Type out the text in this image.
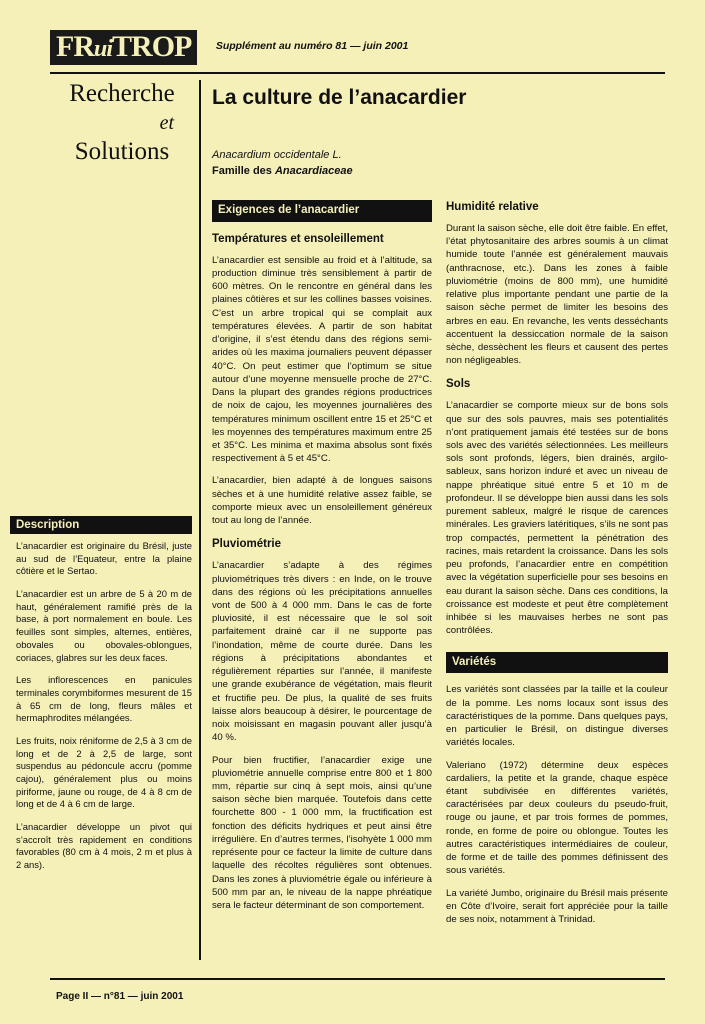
FRuiTROP Supplément au numéro 81 — juin 2001
Recherche
et
Solutions
La culture de l’anacardier
Anacardium occidentale L.
Famille des Anacardiaceae
Description

L’anacardier est originaire du Brésil, juste au sud de l’Equateur, entre la plaine côtière et le Sertao.

L’anacardier est un arbre de 5 à 20 m de haut, généralement ramifié près de la base, à port normalement en boule. Les feuilles sont simples, alternes, entières, obovales ou obovales-oblongues, coriaces, glabres sur les deux faces.

Les inflorescences en panicules terminales corymbiformes mesurent de 15 à 65 cm de long, fleurs mâles et hermaphrodites mélangées.

Les fruits, noix réniforme de 2,5 à 3 cm de long et de 2 à 2,5 de large, sont suspendus au pédoncule accru (pomme cajou), généralement plus ou moins piriforme, jaune ou rouge, de 4 à 8 cm de long et de 4 à 6 cm de large.

L’anacardier développe un pivot qui s’accroît très rapidement en conditions favorables (80 cm à 4 mois, 2 m et plus à 2 ans).

Exigences de l’anacardier
Températures et ensoleillement

L’anacardier est sensible au froid et à l’altitude, sa production diminue très sensiblement à partir de 600 mètres. On le rencontre en général dans les plaines côtières et sur les collines basses voisines. C’est un arbre tropical qui se complait aux températures élevées. A partir de son habitat d’origine, il s’est étendu dans des régions semi-arides où les maxima journaliers peuvent dépasser 40°C. On peut estimer que l’optimum se situe autour d’une moyenne mensuelle proche de 27°C. Dans la plupart des grandes régions productrices de noix de cajou, les moyennes journalières des températures minimum oscillent entre 15 et 25°C et les moyennes des températures maximum entre 25 et 35°C. Les minima et maxima absolus sont fixés respectivement à 5 et 45°C.

L’anacardier, bien adapté à de longues saisons sèches et à une humidité relative assez faible, se comporte mieux avec un ensoleillement généreux tout au long de l’année.

Pluviométrie

L’anacardier s’adapte à des régimes pluviométriques très divers : en Inde, on le trouve dans des régions où les précipitations annuelles vont de 500 à 4 000 mm. Dans le cas de forte pluviosité, il est nécessaire que le sol soit parfaitement drainé car il ne supporte pas l’inondation, même de courte durée. Dans les régions à précipitations abondantes et régulièrement réparties sur l’année, il manifeste une grande exubérance de végétation, mais fleurit et fructifie peu. De plus, la qualité de ses fruits laisse alors beaucoup à désirer, le pourcentage de noix moisissant en magasin pouvant aller jusqu’à 40 %.

Pour bien fructifier, l’anacardier exige une pluviométrie annuelle comprise entre 800 et 1 800 mm, répartie sur cinq à sept mois, ainsi qu’une saison sèche bien marquée. Toutefois dans cette fourchette 800 - 1 000 mm, la fructification est fonction des déficits hydriques et peut ainsi être irrégulière. En d’autres termes, l’isohyète 1 000 mm représente pour ce facteur la limite de culture dans laquelle des récoltes régulières sont obtenues. Dans les zones à pluviométrie égale ou inférieure à 500 mm par an, le niveau de la nappe phréatique sera le facteur déterminant de son comportement.

Humidité relative

Durant la saison sèche, elle doit être faible. En effet, l’état phytosanitaire des arbres soumis à un climat humide toute l’année est généralement mauvais (anthracnose, etc.). Dans les zones à faible pluviométrie (moins de 800 mm), une humidité relative plus importante pendant une partie de la saison sèche permet de limiter les besoins des arbres en eau. En revanche, les vents desséchants accentuent la dessiccation normale de la saison sèche, dessèchent les fleurs et causent des pertes non négligeables.

Sols

L’anacardier se comporte mieux sur de bons sols que sur des sols pauvres, mais ses potentialités n’ont pratiquement jamais été testées sur de bons sols avec des variétés sélectionnées. Les meilleurs sols sont profonds, légers, bien drainés, argilo-sableux, sans horizon induré et avec un niveau de nappe phréatique situé entre 5 et 10 m de profondeur. Il se développe bien aussi dans les sols purement sableux, malgré le risque de carences minérales. Les graviers latéritiques, s’ils ne sont pas trop compactés, permettent la pénétration des racines, mais retardent la croissance. Dans les sols peu profonds, l’anacardier entre en compétition avec la végétation superficielle pour ses besoins en eau durant la saison sèche. Dans ces conditions, la croissance est modeste et peut être complètement inhibée si les mauvaises herbes ne sont pas contrôlées.

Variétés

Les variétés sont classées par la taille et la couleur de la pomme. Les noms locaux sont issus des caractéristiques de la pomme. Dans quelques pays, en particulier le Brésil, on distingue diverses variétés locales.

Valeriano (1972) détermine deux espèces cardaliers, la petite et la grande, chaque espèce étant subdivisée en différentes variétés, caractérisées par deux couleurs du pseudo-fruit, rouge ou jaune, et par trois formes de pommes, ronde, en forme de poire ou oblongue. Toutes les autres caractéristiques intermédiaires de couleur, de forme et de taille des pommes définissent des sous variétés.

La variété Jumbo, originaire du Brésil mais présente en Côte d’Ivoire, serait fort appréciée pour la taille de ses noix, notamment à Trinidad.

Page II — n°81 — juin 2001
